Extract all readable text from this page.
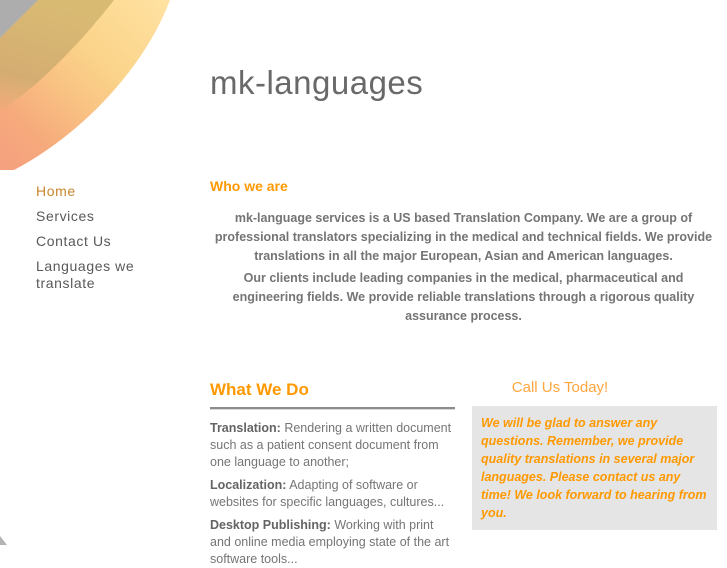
mk-languages
Home
Services
Contact Us
Languages we translate
Who we are

mk-language services is a US based Translation Company. We are a group of professional translators specializing in the medical and technical fields. We provide translations in all the major European, Asian and American languages.

Our clients include leading companies in the medical, pharmaceutical and engineering fields. We provide reliable translations through a rigorous quality assurance process.

What We Do

Translation: Rendering a written document such as a patient consent document from one language to another;

Localization: Adapting of software or websites for specific languages, cultures...

Desktop Publishing: Working with print and online media employing state of the art software tools...

Call Us Today!
We will be glad to answer any questions. Remember, we provide quality translations in several major languages. Please contact us any time! We look forward to hearing from you.
